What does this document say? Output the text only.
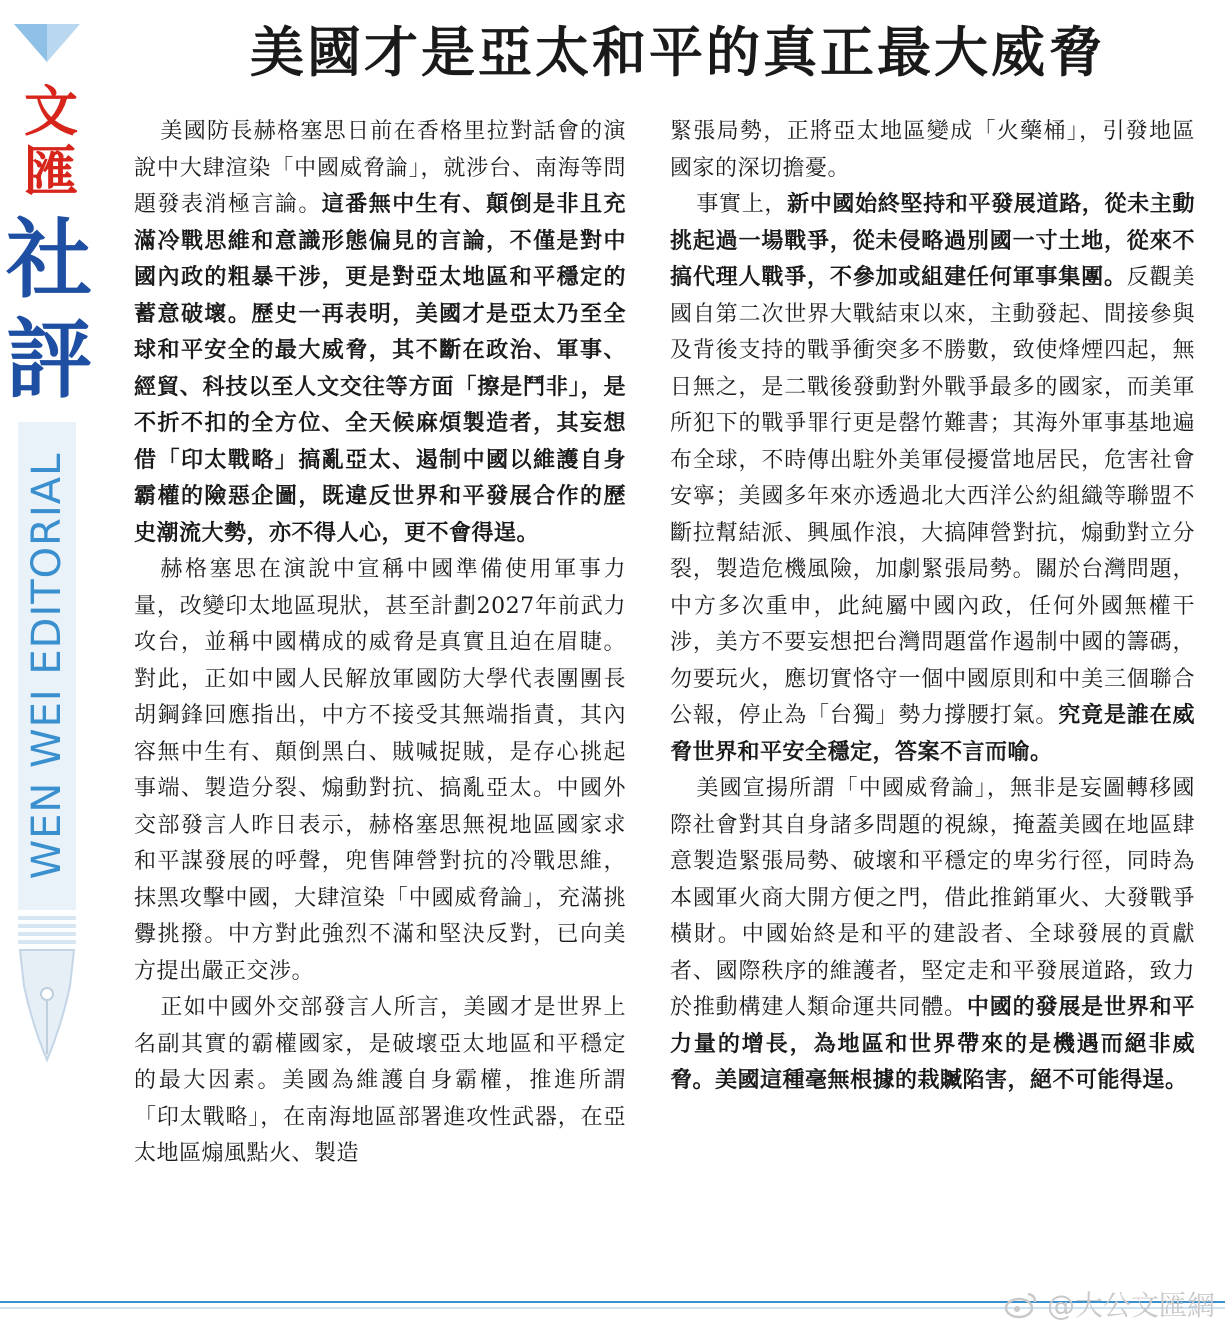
文
匯
社
評
WEN WEI EDITORIAL
美國才是亞太和平的真正最大威脅

美國防長赫格塞思日前在香格里拉對話會的演說中大肆渲染「中國威脅論」，就涉台、南海等問題發表消極言論。這番無中生有、顛倒是非且充滿冷戰思維和意識形態偏見的言論，不僅是對中國內政的粗暴干涉，更是對亞太地區和平穩定的蓄意破壞。歷史一再表明，美國才是亞太乃至全球和平安全的最大威脅，其不斷在政治、軍事、經貿、科技以至人文交往等方面「擦是鬥非」，是不折不扣的全方位、全天候麻煩製造者，其妄想借「印太戰略」搞亂亞太、遏制中國以維護自身霸權的險惡企圖，既違反世界和平發展合作的歷史潮流大勢，亦不得人心，更不會得逞。

赫格塞思在演說中宣稱中國準備使用軍事力量，改變印太地區現狀，甚至計劃2027年前武力攻台，並稱中國構成的威脅是真實且迫在眉睫。對此，正如中國人民解放軍國防大學代表團團長胡鋼鋒回應指出，中方不接受其無端指責，其內容無中生有、顛倒黑白、賊喊捉賊，是存心挑起事端、製造分裂、煽動對抗、搞亂亞太。中國外交部發言人昨日表示，赫格塞思無視地區國家求和平謀發展的呼聲，兜售陣營對抗的冷戰思維，抹黑攻擊中國，大肆渲染「中國威脅論」，充滿挑釁挑撥。中方對此強烈不滿和堅決反對，已向美方提出嚴正交涉。

正如中國外交部發言人所言，美國才是世界上名副其實的霸權國家，是破壞亞太地區和平穩定的最大因素。美國為維護自身霸權，推進所謂「印太戰略」，在南海地區部署進攻性武器，在亞太地區煽風點火、製造

緊張局勢，正將亞太地區變成「火藥桶」，引發地區國家的深切擔憂。

事實上，新中國始終堅持和平發展道路，從未主動挑起過一場戰爭，從未侵略過別國一寸土地，從來不搞代理人戰爭，不參加或組建任何軍事集團。反觀美國自第二次世界大戰結束以來，主動發起、間接參與及背後支持的戰爭衝突多不勝數，致使烽煙四起，無日無之，是二戰後發動對外戰爭最多的國家，而美軍所犯下的戰爭罪行更是罄竹難書；其海外軍事基地遍布全球，不時傳出駐外美軍侵擾當地居民，危害社會安寧；美國多年來亦透過北大西洋公約組織等聯盟不斷拉幫結派、興風作浪，大搞陣營對抗，煽動對立分裂，製造危機風險，加劇緊張局勢。關於台灣問題，中方多次重申，此純屬中國內政，任何外國無權干涉，美方不要妄想把台灣問題當作遏制中國的籌碼，勿要玩火，應切實恪守一個中國原則和中美三個聯合公報，停止為「台獨」勢力撐腰打氣。究竟是誰在威脅世界和平安全穩定，答案不言而喻。

美國宣揚所謂「中國威脅論」，無非是妄圖轉移國際社會對其自身諸多問題的視線，掩蓋美國在地區肆意製造緊張局勢、破壞和平穩定的卑劣行徑，同時為本國軍火商大開方便之門，借此推銷軍火、大發戰爭橫財。中國始終是和平的建設者、全球發展的貢獻者、國際秩序的維護者，堅定走和平發展道路，致力於推動構建人類命運共同體。中國的發展是世界和平力量的增長，為地區和世界帶來的是機遇而絕非威脅。美國這種毫無根據的栽贓陷害，絕不可能得逞。

@大公文匯網
